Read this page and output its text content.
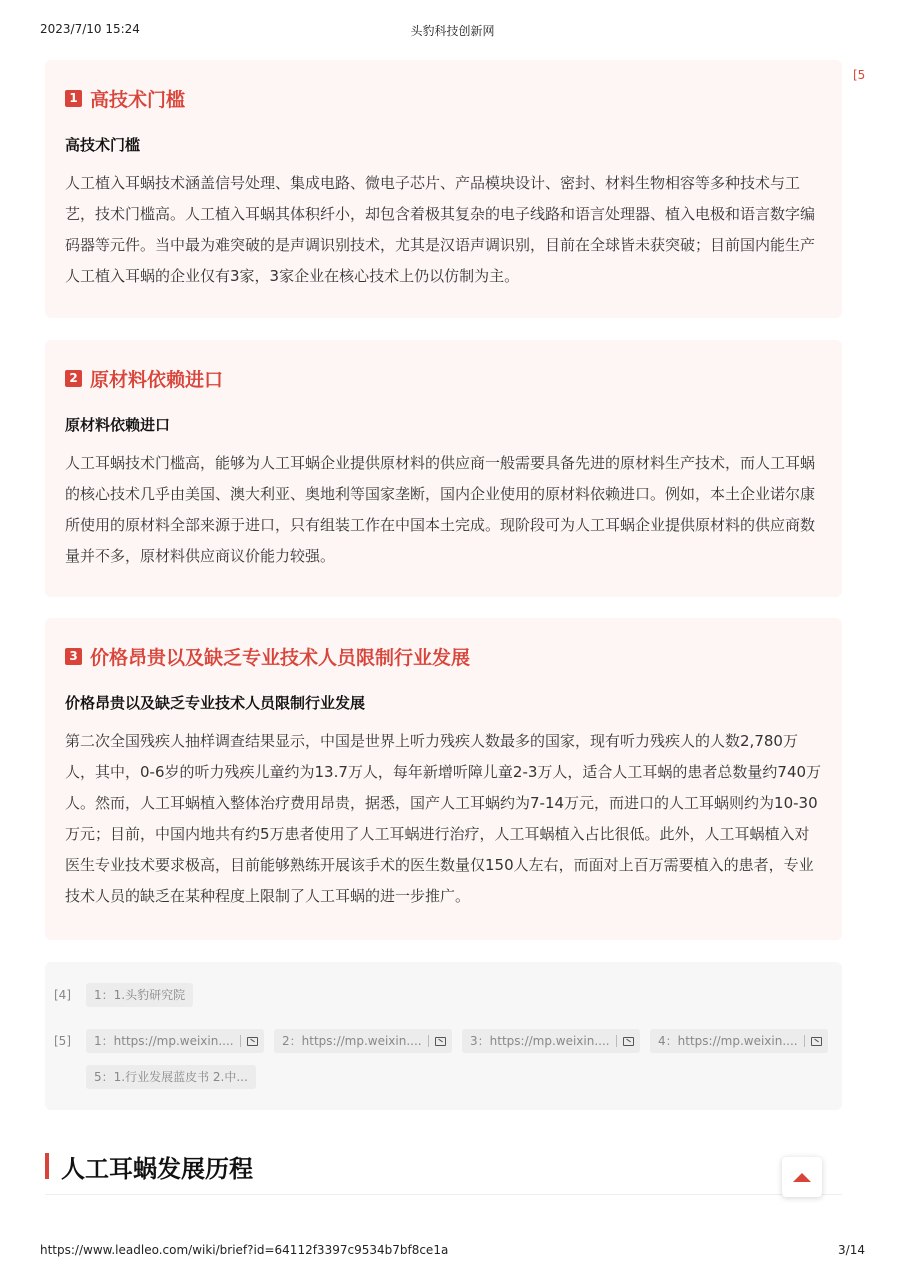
2023/7/10 15:24	头豹科技创新网
[5
1 高技术门槛
高技术门槛
人工植入耳蜗技术涵盖信号处理、集成电路、微电子芯片、产品模块设计、密封、材料生物相容等多种技术与工艺，技术门槛高。人工植入耳蜗其体积纤小，却包含着极其复杂的电子线路和语言处理器、植入电极和语言数字编码器等元件。当中最为难突破的是声调识别技术，尤其是汉语声调识别，目前在全球皆未获突破；目前国内能生产人工植入耳蜗的企业仅有3家，3家企业在核心技术上仍以仿制为主。
2 原材料依赖进口
原材料依赖进口
人工耳蜗技术门槛高，能够为人工耳蜗企业提供原材料的供应商一般需要具备先进的原材料生产技术，而人工耳蜗的核心技术几乎由美国、澳大利亚、奥地利等国家垄断，国内企业使用的原材料依赖进口。例如，本土企业诺尔康所使用的原材料全部来源于进口，只有组装工作在中国本土完成。现阶段可为人工耳蜗企业提供原材料的供应商数量并不多，原材料供应商议价能力较强。
3 价格昂贵以及缺乏专业技术人员限制行业发展
价格昂贵以及缺乏专业技术人员限制行业发展
第二次全国残疾人抽样调查结果显示，中国是世界上听力残疾人数最多的国家，现有听力残疾人的人数2,780万人，其中，0-6岁的听力残疾儿童约为13.7万人，每年新增听障儿童2-3万人，适合人工耳蜗的患者总数量约740万人。然而，人工耳蜗植入整体治疗费用昂贵，据悉，国产人工耳蜗约为7-14万元，而进口的人工耳蜗则约为10-30万元；目前，中国内地共有约5万患者使用了人工耳蜗进行治疗，人工耳蜗植入占比很低。此外，人工耳蜗植入对医生专业技术要求极高，目前能够熟练开展该手术的医生数量仅150人左右，而面对上百万需要植入的患者，专业技术人员的缺乏在某种程度上限制了人工耳蜗的进一步推广。
[4]	1：1.头豹研究院
[5]	1：https://mp.weixin....	2：https://mp.weixin....	3：https://mp.weixin....	4：https://mp.weixin....
5：1.行业发展蓝皮书 2.中...
人工耳蜗发展历程
https://www.leadleo.com/wiki/brief?id=64112f3397c9534b7bf8ce1a	3/14
